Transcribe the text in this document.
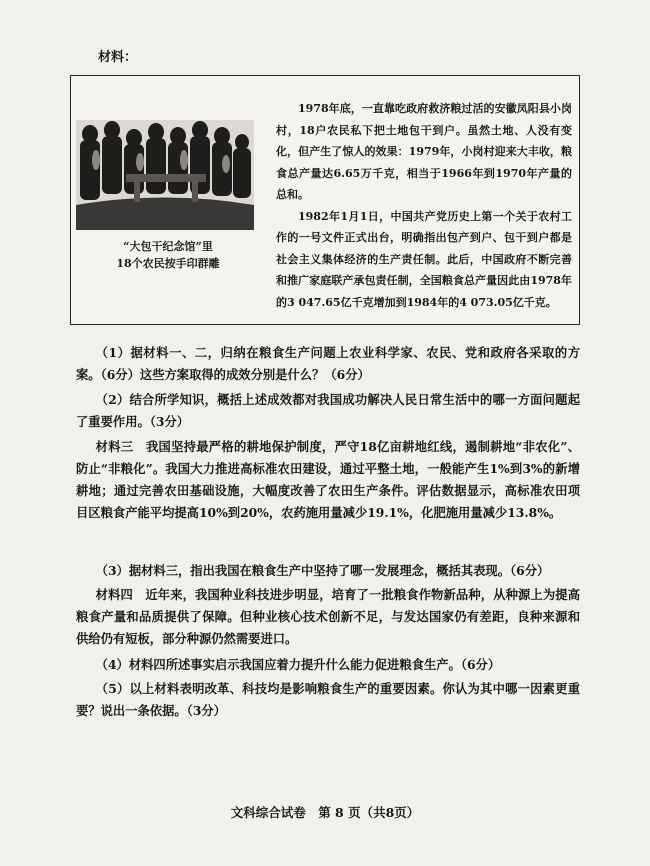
材料：
“大包干纪念馆”里
18个农民按手印群雕

1978年底，一直靠吃政府救济粮过活的安徽凤阳县小岗村，18户农民私下把土地包干到户。虽然土地、人没有变化，但产生了惊人的效果：1979年，小岗村迎来大丰收，粮食总产量达6.65万千克，相当于1966年到1970年产量的总和。

1982年1月1日，中国共产党历史上第一个关于农村工作的一号文件正式出台，明确指出包产到户、包干到户都是社会主义集体经济的生产责任制。此后，中国政府不断完善和推广家庭联产承包责任制，全国粮食总产量因此由1978年的3 047.65亿千克增加到1984年的4 073.05亿千克。

（1）据材料一、二，归纳在粮食生产问题上农业科学家、农民、党和政府各采取的方案。（6分）这些方案取得的成效分别是什么？（6分）
（2）结合所学知识，概括上述成效都对我国成功解决人民日常生活中的哪一方面问题起了重要作用。（3分）
材料三　我国坚持最严格的耕地保护制度，严守18亿亩耕地红线，遏制耕地“非农化”、防止“非粮化”。我国大力推进高标准农田建设，通过平整土地，一般能产生1%到3%的新增耕地；通过完善农田基础设施，大幅度改善了农田生产条件。评估数据显示，高标准农田项目区粮食产能平均提高10%到20%，农药施用量减少19.1%，化肥施用量减少13.8%。
（3）据材料三，指出我国在粮食生产中坚持了哪一发展理念，概括其表现。（6分）
材料四　近年来，我国种业科技进步明显，培育了一批粮食作物新品种，从种源上为提高粮食产量和品质提供了保障。但种业核心技术创新不足，与发达国家仍有差距，良种来源和供给仍有短板，部分种源仍然需要进口。
（4）材料四所述事实启示我国应着力提升什么能力促进粮食生产。（6分）
（5）以上材料表明改革、科技均是影响粮食生产的重要因素。你认为其中哪一因素更重要？说出一条依据。（3分）
文科综合试卷　第 8 页（共8页）
